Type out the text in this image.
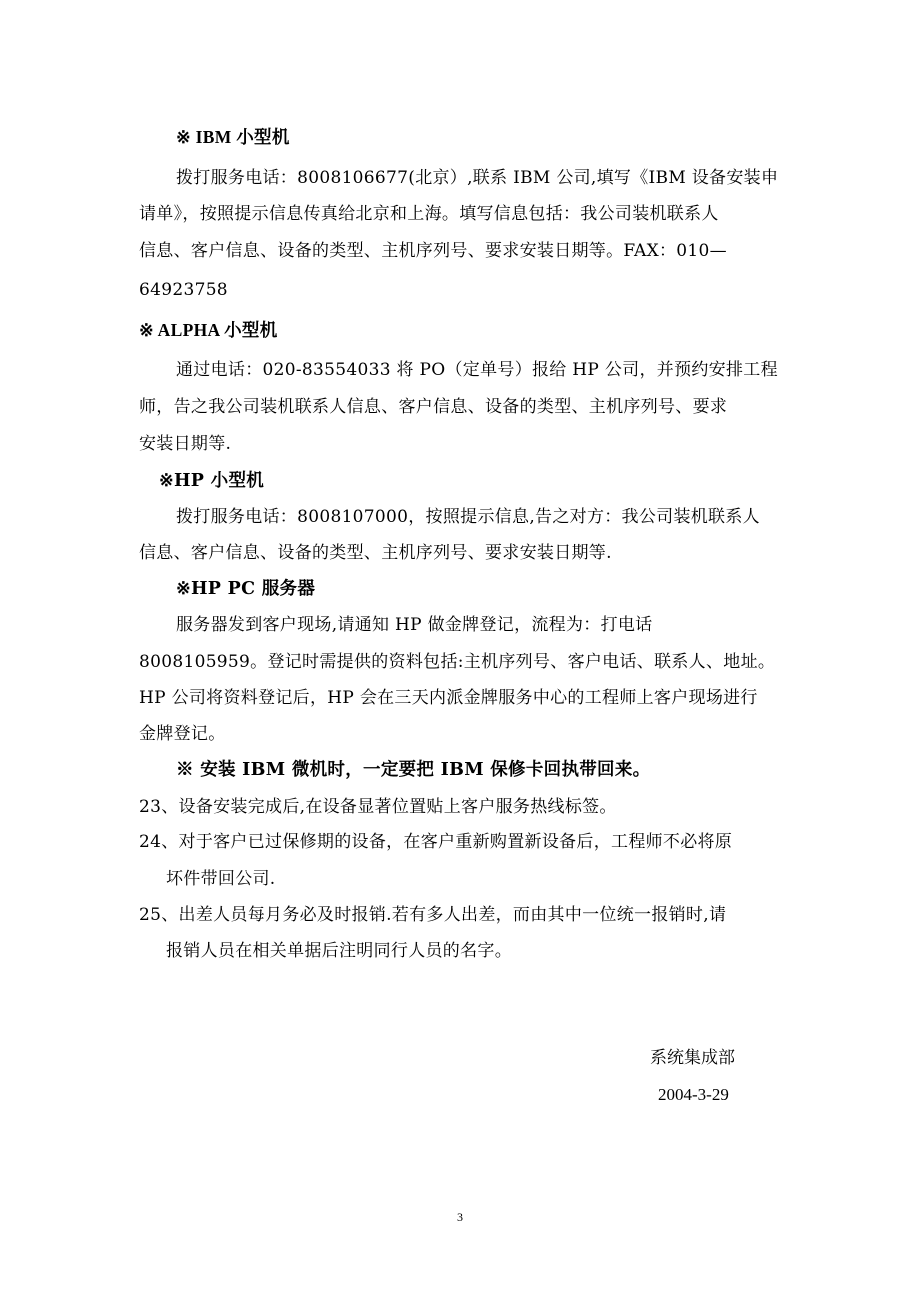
※ IBM 小型机
拨打服务电话：8008106677(北京）,联系 IBM 公司,填写《IBM 设备安装申
请单》，按照提示信息传真给北京和上海。填写信息包括：我公司装机联系人
信息、客户信息、设备的类型、主机序列号、要求安装日期等。FAX：010—
64923758
※ ALPHA 小型机
通过电话：020-83554033 将 PO（定单号）报给 HP 公司，并预约安排工程
师，告之我公司装机联系人信息、客户信息、设备的类型、主机序列号、要求
安装日期等.
※HP 小型机
拨打服务电话：8008107000，按照提示信息,告之对方：我公司装机联系人
信息、客户信息、设备的类型、主机序列号、要求安装日期等.
※HP PC 服务器
服务器发到客户现场,请通知 HP 做金牌登记，流程为：打电话
8008105959。登记时需提供的资料包括:主机序列号、客户电话、联系人、地址。
HP 公司将资料登记后，HP 会在三天内派金牌服务中心的工程师上客户现场进行
金牌登记。
※ 安装 IBM 微机时，一定要把 IBM 保修卡回执带回来。
23、设备安装完成后,在设备显著位置贴上客户服务热线标签。
24、对于客户已过保修期的设备，在客户重新购置新设备后，工程师不必将原
坏件带回公司.
25、出差人员每月务必及时报销.若有多人出差，而由其中一位统一报销时,请
报销人员在相关单据后注明同行人员的名字。
系统集成部
2004-3-29
3
